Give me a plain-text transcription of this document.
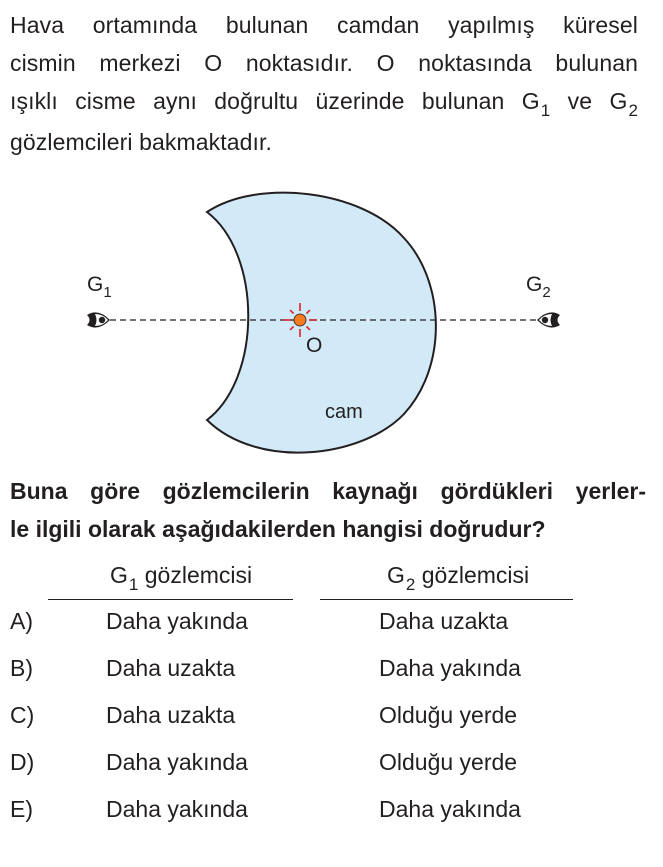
Hava ortamında bulunan camdan yapılmış küresel
cismin merkezi O noktasıdır. O noktasında bulunan
ışıklı cisme aynı doğrultu üzerinde bulunan $G_1$ ve $G_2$
gözlemcileri bakmaktadır.
$G_1$	$G_2$
O
cam
Buna göre gözlemcilerin kaynağı gördükleri yerler-
le ilgili olarak aşağıdakilerden hangisi doğrudur?
$G_1$ gözlemcisi	$G_2$ gözlemcisi
A)	Daha yakında	Daha uzakta
B)	Daha uzakta	Daha yakında
C)	Daha uzakta	Olduğu yerde
D)	Daha yakında	Olduğu yerde
E)	Daha yakında	Daha yakında
